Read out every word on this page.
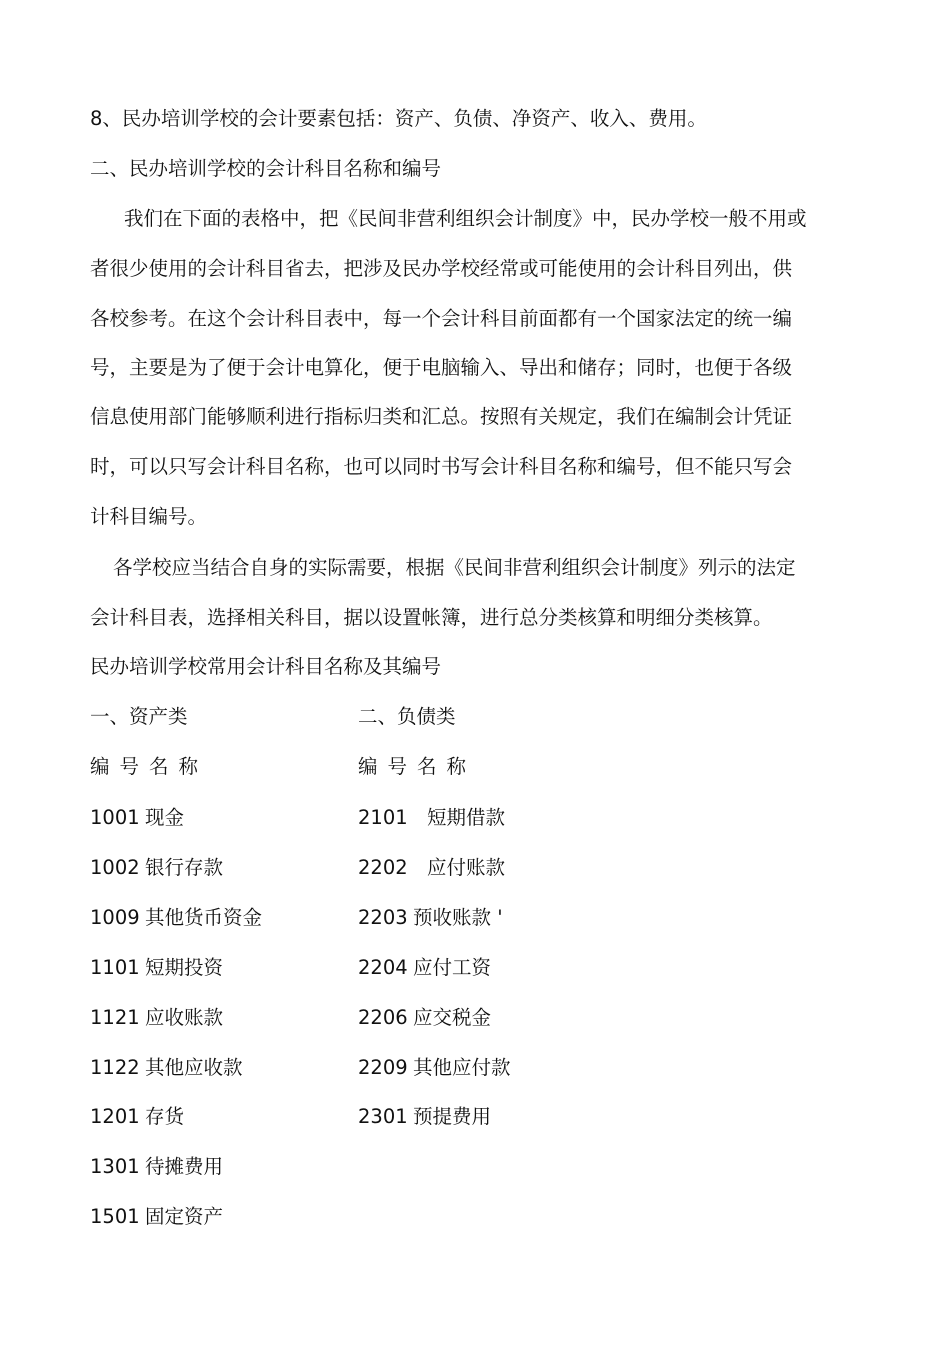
8、民办培训学校的会计要素包括：资产、负债、净资产、收入、费用。
二、民办培训学校的会计科目名称和编号
我们在下面的表格中，把《民间非营利组织会计制度》中，民办学校一般不用或
者很少使用的会计科目省去，把涉及民办学校经常或可能使用的会计科目列出，供
各校参考。在这个会计科目表中，每一个会计科目前面都有一个国家法定的统一编
号，主要是为了便于会计电算化，便于电脑输入、导出和储存；同时，也便于各级
信息使用部门能够顺利进行指标归类和汇总。按照有关规定，我们在编制会计凭证
时，可以只写会计科目名称，也可以同时书写会计科目名称和编号，但不能只写会
计科目编号。
各学校应当结合自身的实际需要，根据《民间非营利组织会计制度》列示的法定
会计科目表，选择相关科目，据以设置帐簿，进行总分类核算和明细分类核算。
民办培训学校常用会计科目名称及其编号
一、资产类
编号名称
1001 现金
1002 银行存款
1009 其他货币资金
1101 短期投资
1121 应收账款
1122 其他应收款
1201 存货
1301 待摊费用
1501 固定资产
二、负债类
编号名称
2101 短期借款
2202 应付账款
2203 预收账款 '
2204 应付工资
2206 应交税金
2209 其他应付款
2301 预提费用
